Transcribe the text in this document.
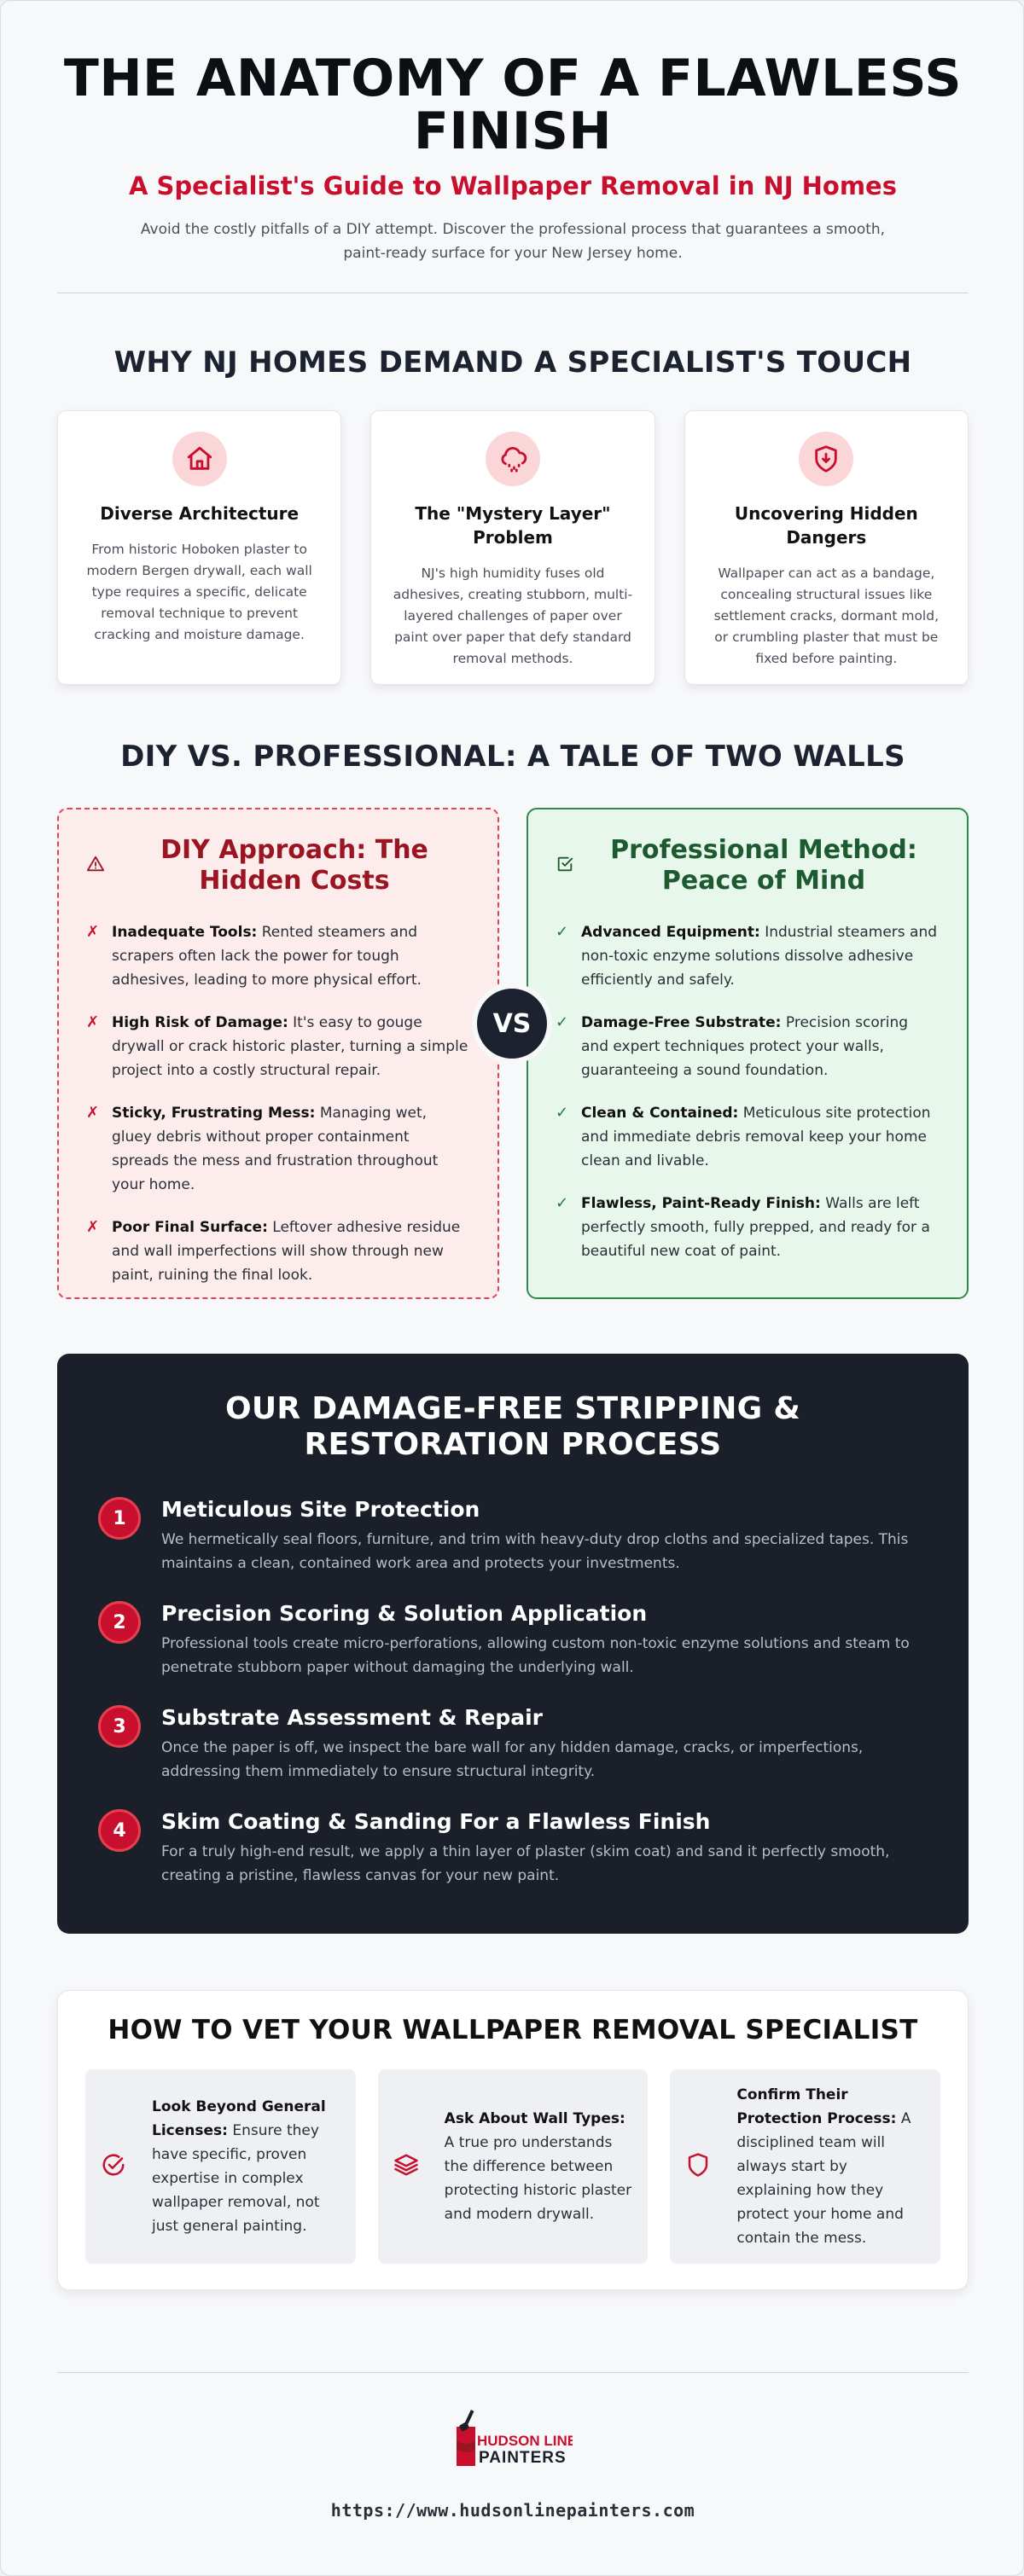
THE ANATOMY OF A FLAWLESS FINISH
A Specialist's Guide to Wallpaper Removal in NJ Homes
Avoid the costly pitfalls of a DIY attempt. Discover the professional process that guarantees a smooth, paint-ready surface for your New Jersey home.
WHY NJ HOMES DEMAND A SPECIALIST'S TOUCH
Diverse Architecture

From historic Hoboken plaster to modern Bergen drywall, each wall type requires a specific, delicate removal technique to prevent cracking and moisture damage.

The "Mystery Layer" Problem

NJ's high humidity fuses old adhesives, creating stubborn, multi-layered challenges of paper over paint over paper that defy standard removal methods.

Uncovering Hidden Dangers

Wallpaper can act as a bandage, concealing structural issues like settlement cracks, dormant mold, or crumbling plaster that must be fixed before painting.

DIY VS. PROFESSIONAL: A TALE OF TWO WALLS
DIY Approach: The Hidden Costs
✗ Inadequate Tools: Rented steamers and scrapers often lack the power for tough adhesives, leading to more physical effort.
✗ High Risk of Damage: It's easy to gouge drywall or crack historic plaster, turning a simple project into a costly structural repair.
✗ Sticky, Frustrating Mess: Managing wet, gluey debris without proper containment spreads the mess and frustration throughout your home.
✗ Poor Final Surface: Leftover adhesive residue and wall imperfections will show through new paint, ruining the final look.
Professional Method: Peace of Mind
✓ Advanced Equipment: Industrial steamers and non-toxic enzyme solutions dissolve adhesive efficiently and safely.
✓ Damage-Free Substrate: Precision scoring and expert techniques protect your walls, guaranteeing a sound foundation.
✓ Clean & Contained: Meticulous site protection and immediate debris removal keep your home clean and livable.
✓ Flawless, Paint-Ready Finish: Walls are left perfectly smooth, fully prepped, and ready for a beautiful new coat of paint.
VS
OUR DAMAGE-FREE STRIPPING & RESTORATION PROCESS
1	Meticulous Site Protection

We hermetically seal floors, furniture, and trim with heavy-duty drop cloths and specialized tapes. This maintains a clean, contained work area and protects your investments.

2	Precision Scoring & Solution Application

Professional tools create micro-perforations, allowing custom non-toxic enzyme solutions and steam to penetrate stubborn paper without damaging the underlying wall.

3	Substrate Assessment & Repair

Once the paper is off, we inspect the bare wall for any hidden damage, cracks, or imperfections, addressing them immediately to ensure structural integrity.

4	Skim Coating & Sanding For a Flawless Finish

For a truly high-end result, we apply a thin layer of plaster (skim coat) and sand it perfectly smooth, creating a pristine, flawless canvas for your new paint.

HOW TO VET YOUR WALLPAPER REMOVAL SPECIALIST

Look Beyond General Licenses: Ensure they have specific, proven expertise in complex wallpaper removal, not just general painting.

Ask About Wall Types: A true pro understands the difference between protecting historic plaster and modern drywall.

Confirm Their Protection Process: A disciplined team will always start by explaining how they protect your home and contain the mess.

HUDSON LINE
PAINTERS
https://www.hudsonlinepainters.com
